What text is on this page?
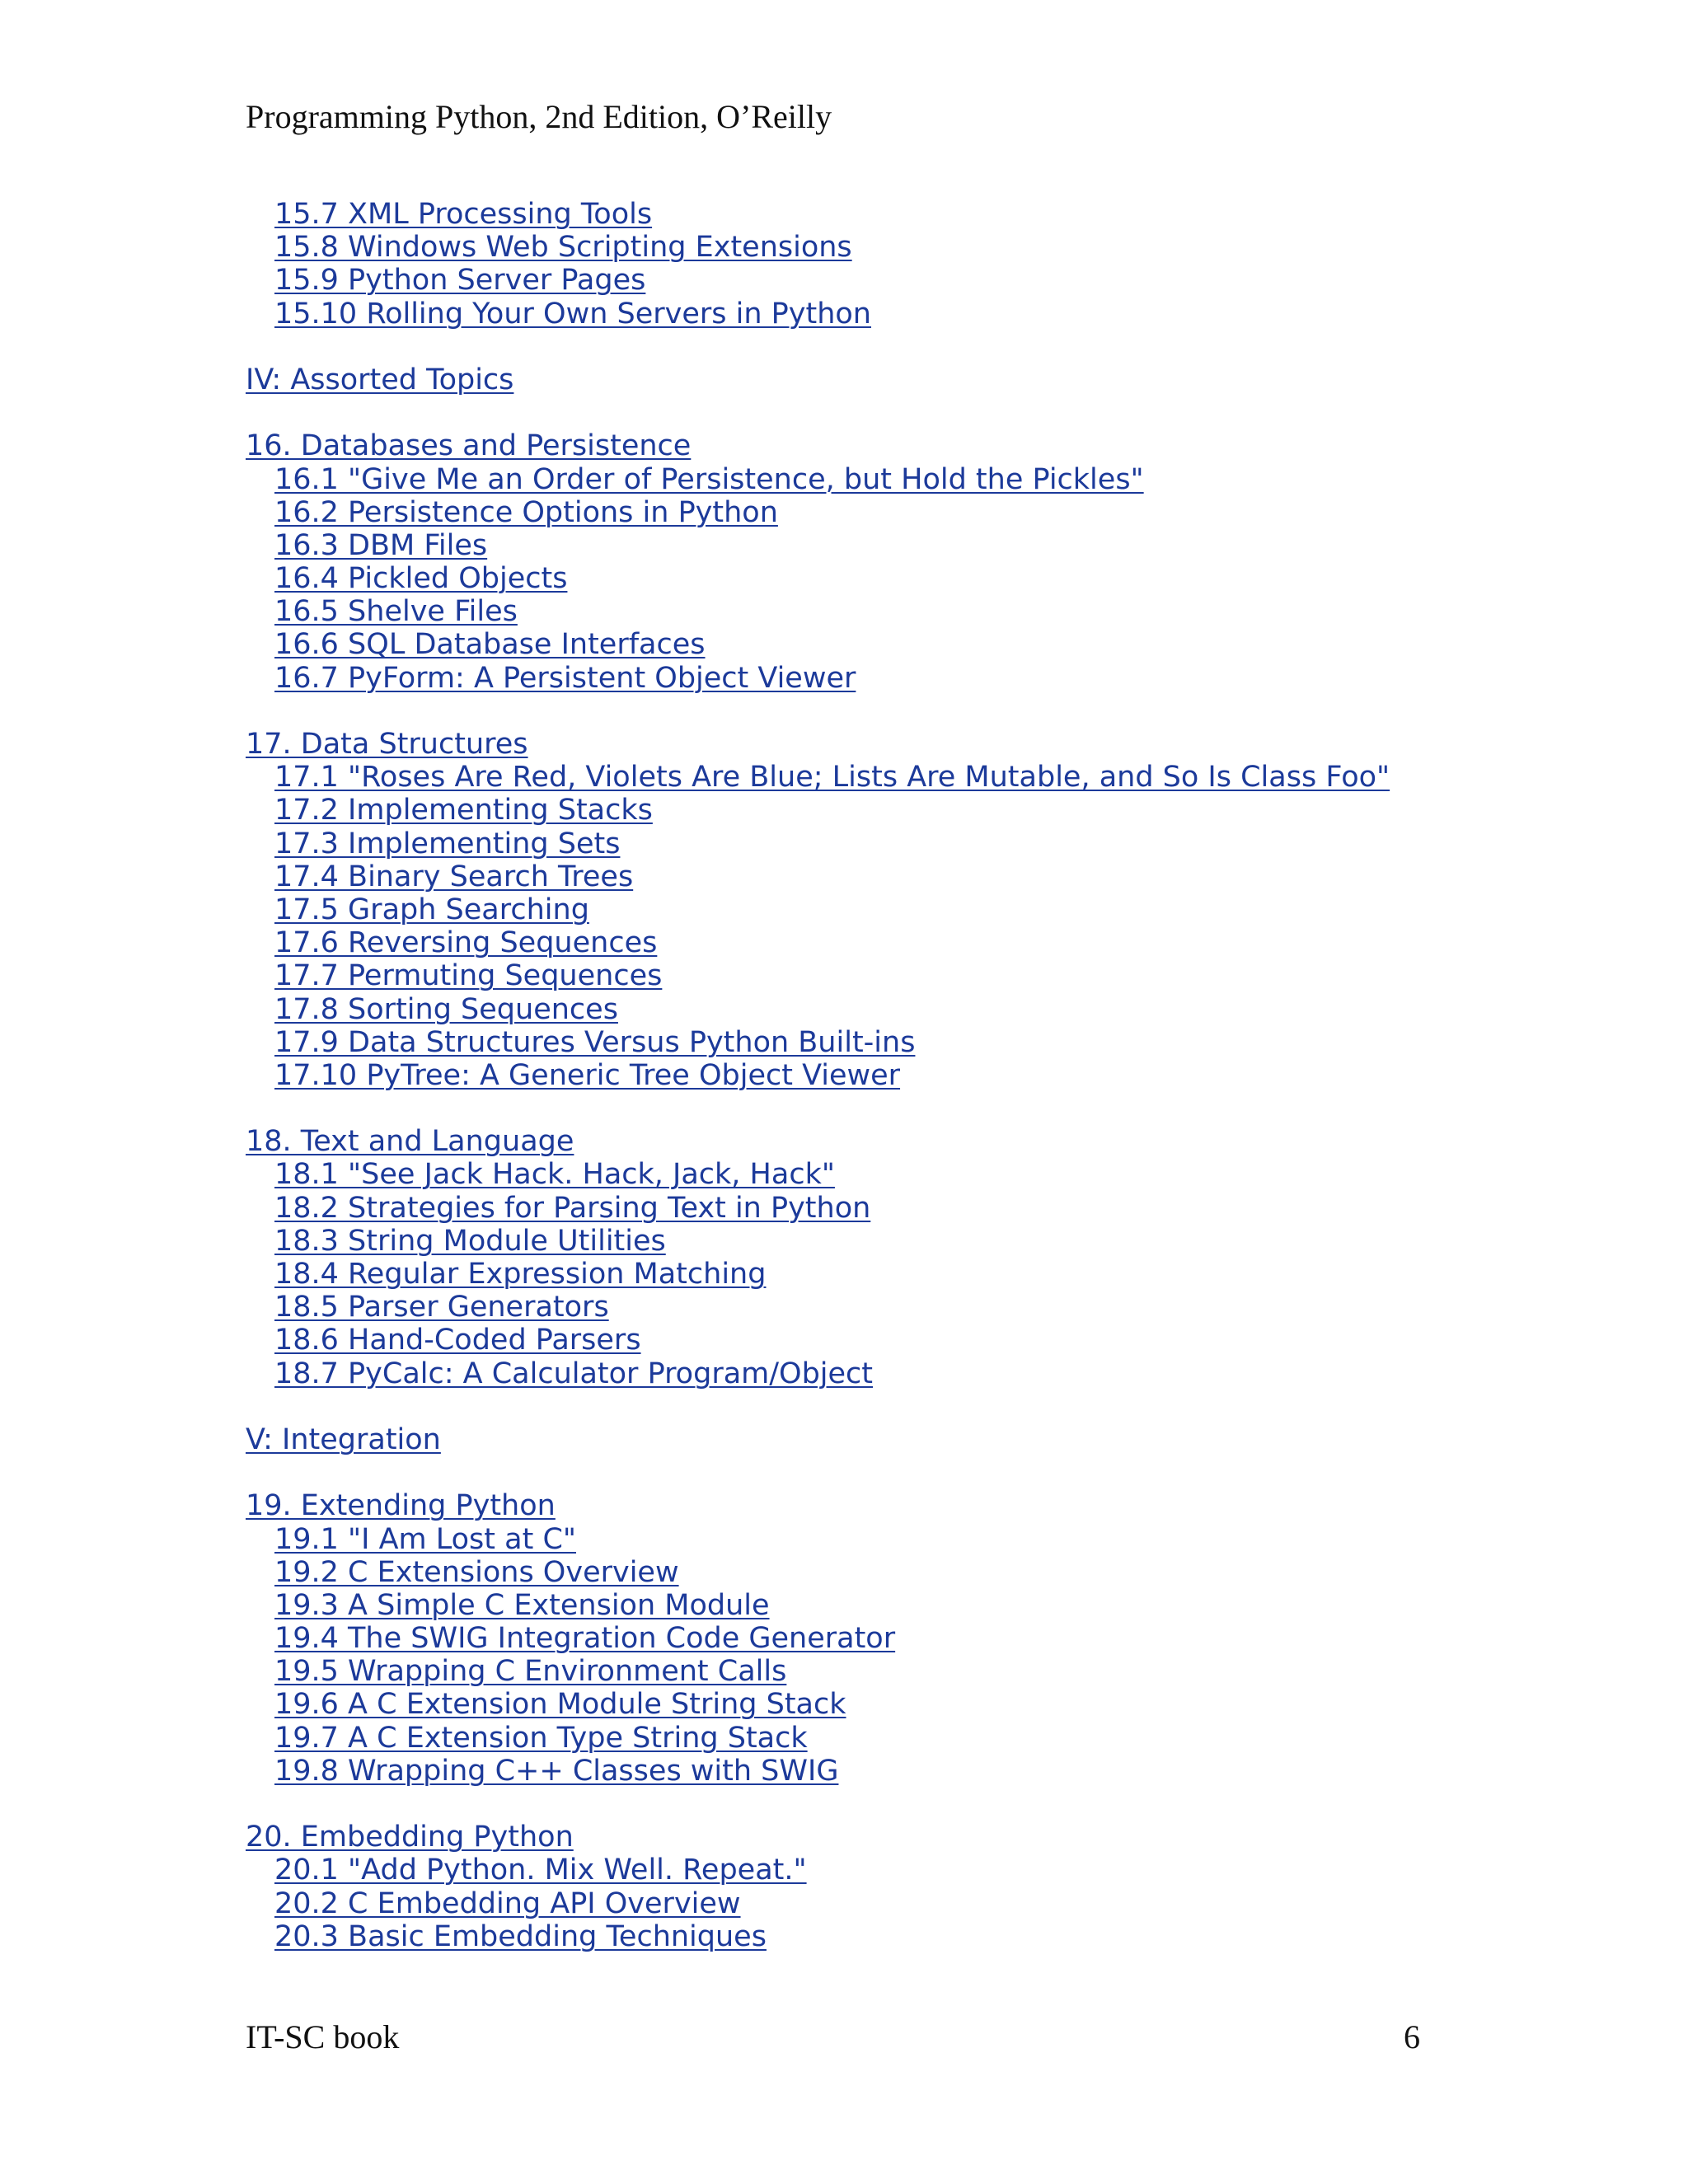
Programming Python, 2nd Edition, O’Reilly
15.7 XML Processing Tools
15.8 Windows Web Scripting Extensions
15.9 Python Server Pages
15.10 Rolling Your Own Servers in Python
IV: Assorted Topics
16. Databases and Persistence
16.1 "Give Me an Order of Persistence, but Hold the Pickles"
16.2 Persistence Options in Python
16.3 DBM Files
16.4 Pickled Objects
16.5 Shelve Files
16.6 SQL Database Interfaces
16.7 PyForm: A Persistent Object Viewer
17. Data Structures
17.1 "Roses Are Red, Violets Are Blue; Lists Are Mutable, and So Is Class Foo"
17.2 Implementing Stacks
17.3 Implementing Sets
17.4 Binary Search Trees
17.5 Graph Searching
17.6 Reversing Sequences
17.7 Permuting Sequences
17.8 Sorting Sequences
17.9 Data Structures Versus Python Built-ins
17.10 PyTree: A Generic Tree Object Viewer
18. Text and Language
18.1 "See Jack Hack. Hack, Jack, Hack"
18.2 Strategies for Parsing Text in Python
18.3 String Module Utilities
18.4 Regular Expression Matching
18.5 Parser Generators
18.6 Hand-Coded Parsers
18.7 PyCalc: A Calculator Program/Object
V: Integration
19. Extending Python
19.1 "I Am Lost at C"
19.2 C Extensions Overview
19.3 A Simple C Extension Module
19.4 The SWIG Integration Code Generator
19.5 Wrapping C Environment Calls
19.6 A C Extension Module String Stack
19.7 A C Extension Type String Stack
19.8 Wrapping C++ Classes with SWIG
20. Embedding Python
20.1 "Add Python. Mix Well. Repeat."
20.2 C Embedding API Overview
20.3 Basic Embedding Techniques
IT-SC book	6
